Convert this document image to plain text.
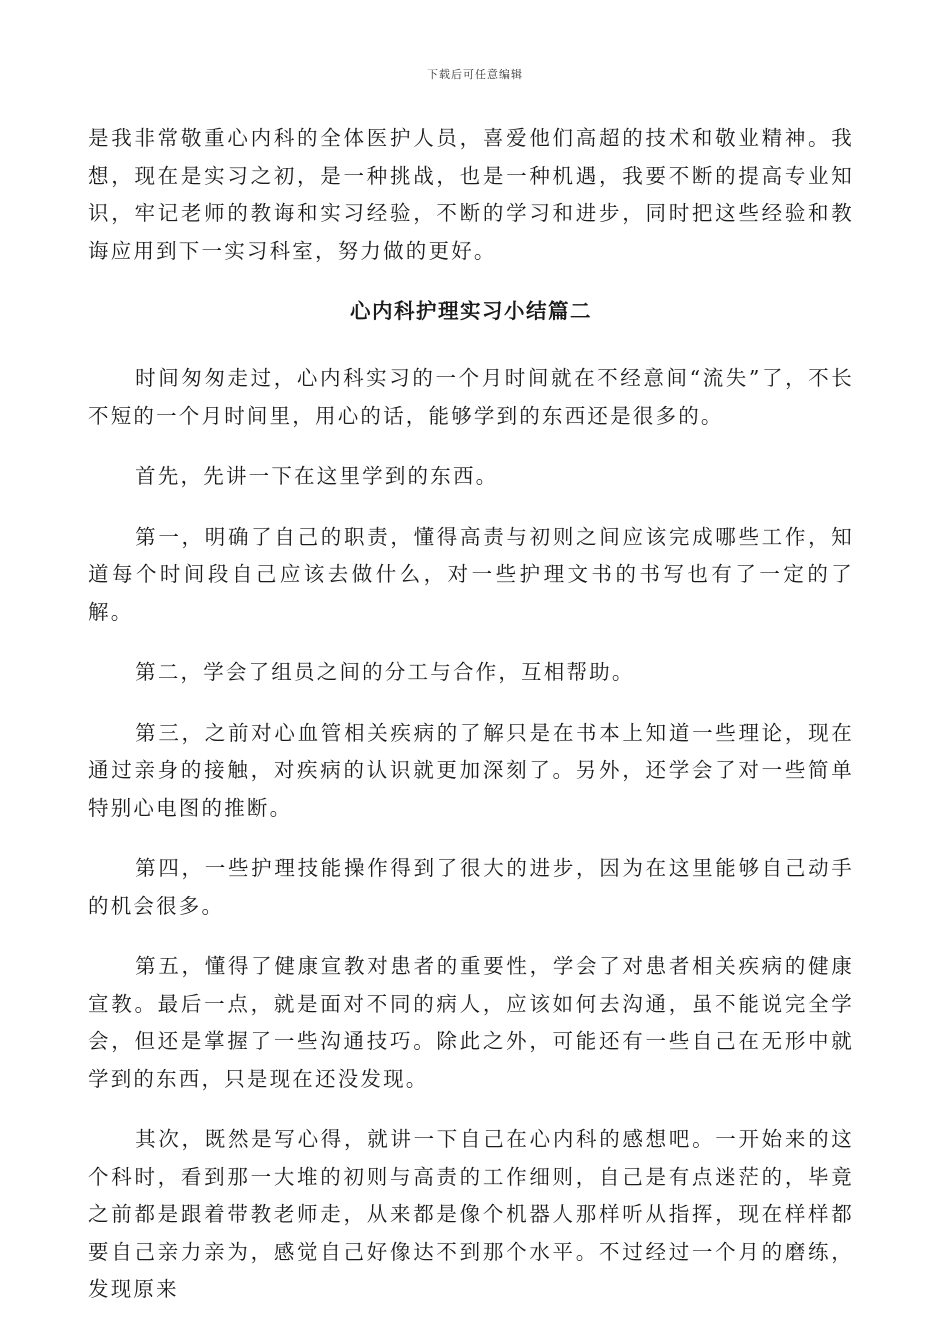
下载后可任意编辑

是我非常敬重心内科的全体医护人员，喜爱他们高超的技术和敬业精神。我想，现在是实习之初，是一种挑战，也是一种机遇，我要不断的提高专业知识，牢记老师的教诲和实习经验，不断的学习和进步，同时把这些经验和教诲应用到下一实习科室，努力做的更好。

心内科护理实习小结篇二

时间匆匆走过，心内科实习的一个月时间就在不经意间“流失”了，不长不短的一个月时间里，用心的话，能够学到的东西还是很多的。

首先，先讲一下在这里学到的东西。

第一，明确了自己的职责，懂得高责与初则之间应该完成哪些工作，知道每个时间段自己应该去做什么，对一些护理文书的书写也有了一定的了解。

第二，学会了组员之间的分工与合作，互相帮助。

第三，之前对心血管相关疾病的了解只是在书本上知道一些理论，现在通过亲身的接触，对疾病的认识就更加深刻了。另外，还学会了对一些简单特别心电图的推断。

第四，一些护理技能操作得到了很大的进步，因为在这里能够自己动手的机会很多。

第五，懂得了健康宣教对患者的重要性，学会了对患者相关疾病的健康宣教。最后一点，就是面对不同的病人，应该如何去沟通，虽不能说完全学会，但还是掌握了一些沟通技巧。除此之外，可能还有一些自己在无形中就学到的东西，只是现在还没发现。

其次，既然是写心得，就讲一下自己在心内科的感想吧。一开始来的这个科时，看到那一大堆的初则与高责的工作细则，自己是有点迷茫的，毕竟之前都是跟着带教老师走，从来都是像个机器人那样听从指挥，现在样样都要自己亲力亲为，感觉自己好像达不到那个水平。不过经过一个月的磨练，发现原来
